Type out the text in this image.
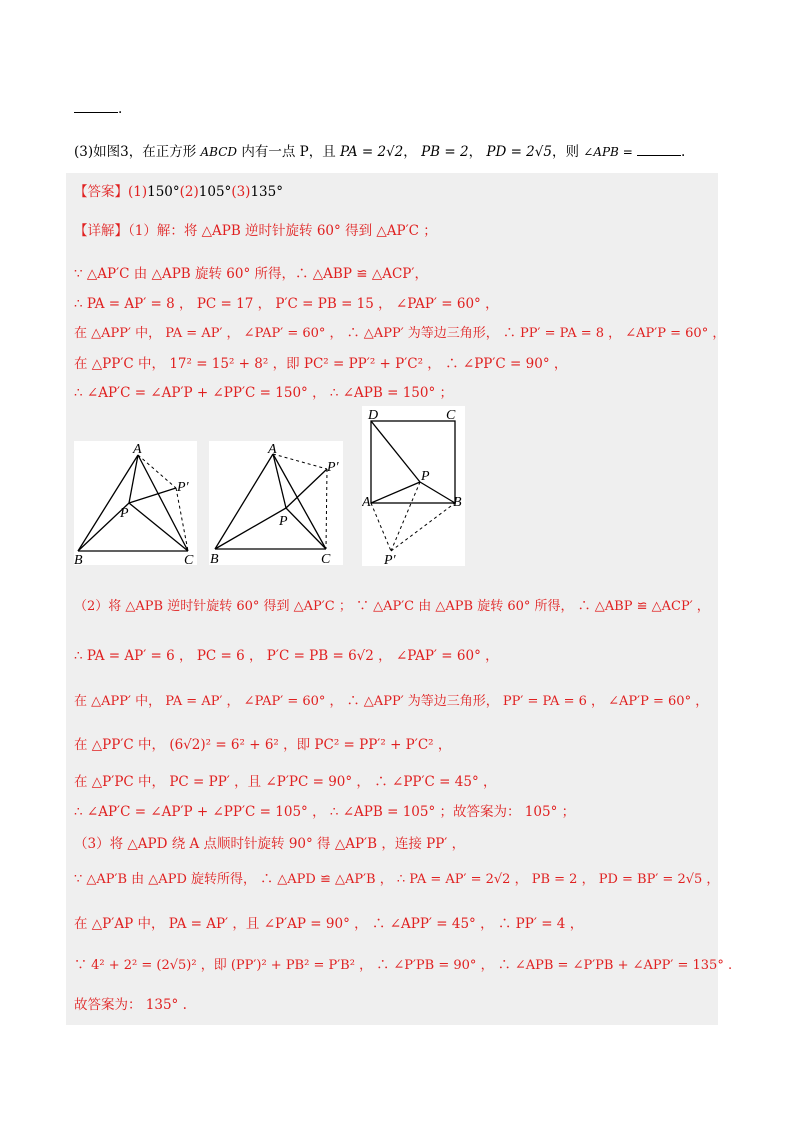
.
(3)如图3，在正方形 ABCD 内有一点 P，且 PA = 2√2， PB = 2， PD = 2√5，则 ∠APB =	.
【答案】(1)150°(2)105°(3)135°
【详解】（1）解：将 △APB 逆时针旋转 60° 得到 △AP′C ；
∵ △AP′C 由 △APB 旋转 60° 所得，∴ △ABP ≌ △ACP′，
∴ PA = AP′ = 8 ， PC = 17 ， P′C = PB = 15 ， ∠PAP′ = 60° ，
在 △APP′ 中， PA = AP′ ， ∠PAP′ = 60° ， ∴ △APP′ 为等边三角形， ∴ PP′ = PA = 8 ， ∠AP′P = 60° ，
在 △PP′C 中， 17² = 15² + 8² ，即 PC² = PP′² + P′C² ， ∴ ∠PP′C = 90° ，
∴ ∠AP′C = ∠AP′P + ∠PP′C = 150° ， ∴ ∠APB = 150° ；
A
B	C
P
P′
A
B	C
P
P′
D	C
A	B
P
P′
（2）将 △APB 逆时针旋转 60° 得到 △AP′C ； ∵ △AP′C 由 △APB 旋转 60° 所得， ∴ △ABP ≌ △ACP′ ，
∴ PA = AP′ = 6 ， PC = 6 ， P′C = PB = 6√2 ， ∠PAP′ = 60° ，
在 △APP′ 中， PA = AP′ ， ∠PAP′ = 60° ， ∴ △APP′ 为等边三角形， PP′ = PA = 6 ， ∠AP′P = 60° ，
在 △PP′C 中， (6√2)² = 6² + 6² ，即 PC² = PP′² + P′C² ，
在 △P′PC 中， PC = PP′ ，且 ∠P′PC = 90° ， ∴ ∠PP′C = 45° ，
∴ ∠AP′C = ∠AP′P + ∠PP′C = 105° ， ∴ ∠APB = 105° ；故答案为： 105° ；
（3）将 △APD 绕 A 点顺时针旋转 90° 得 △AP′B ，连接 PP′ ，
∵ △AP′B 由 △APD 旋转所得， ∴ △APD ≌ △AP′B ， ∴ PA = AP′ = 2√2 ， PB = 2 ， PD = BP′ = 2√5 ，
在 △P′AP 中， PA = AP′ ，且 ∠P′AP = 90° ， ∴ ∠APP′ = 45° ， ∴ PP′ = 4 ，
∵ 4² + 2² = (2√5)² ，即 (PP′)² + PB² = P′B² ， ∴ ∠P′PB = 90° ， ∴ ∠APB = ∠P′PB + ∠APP′ = 135° .
故答案为： 135° .
